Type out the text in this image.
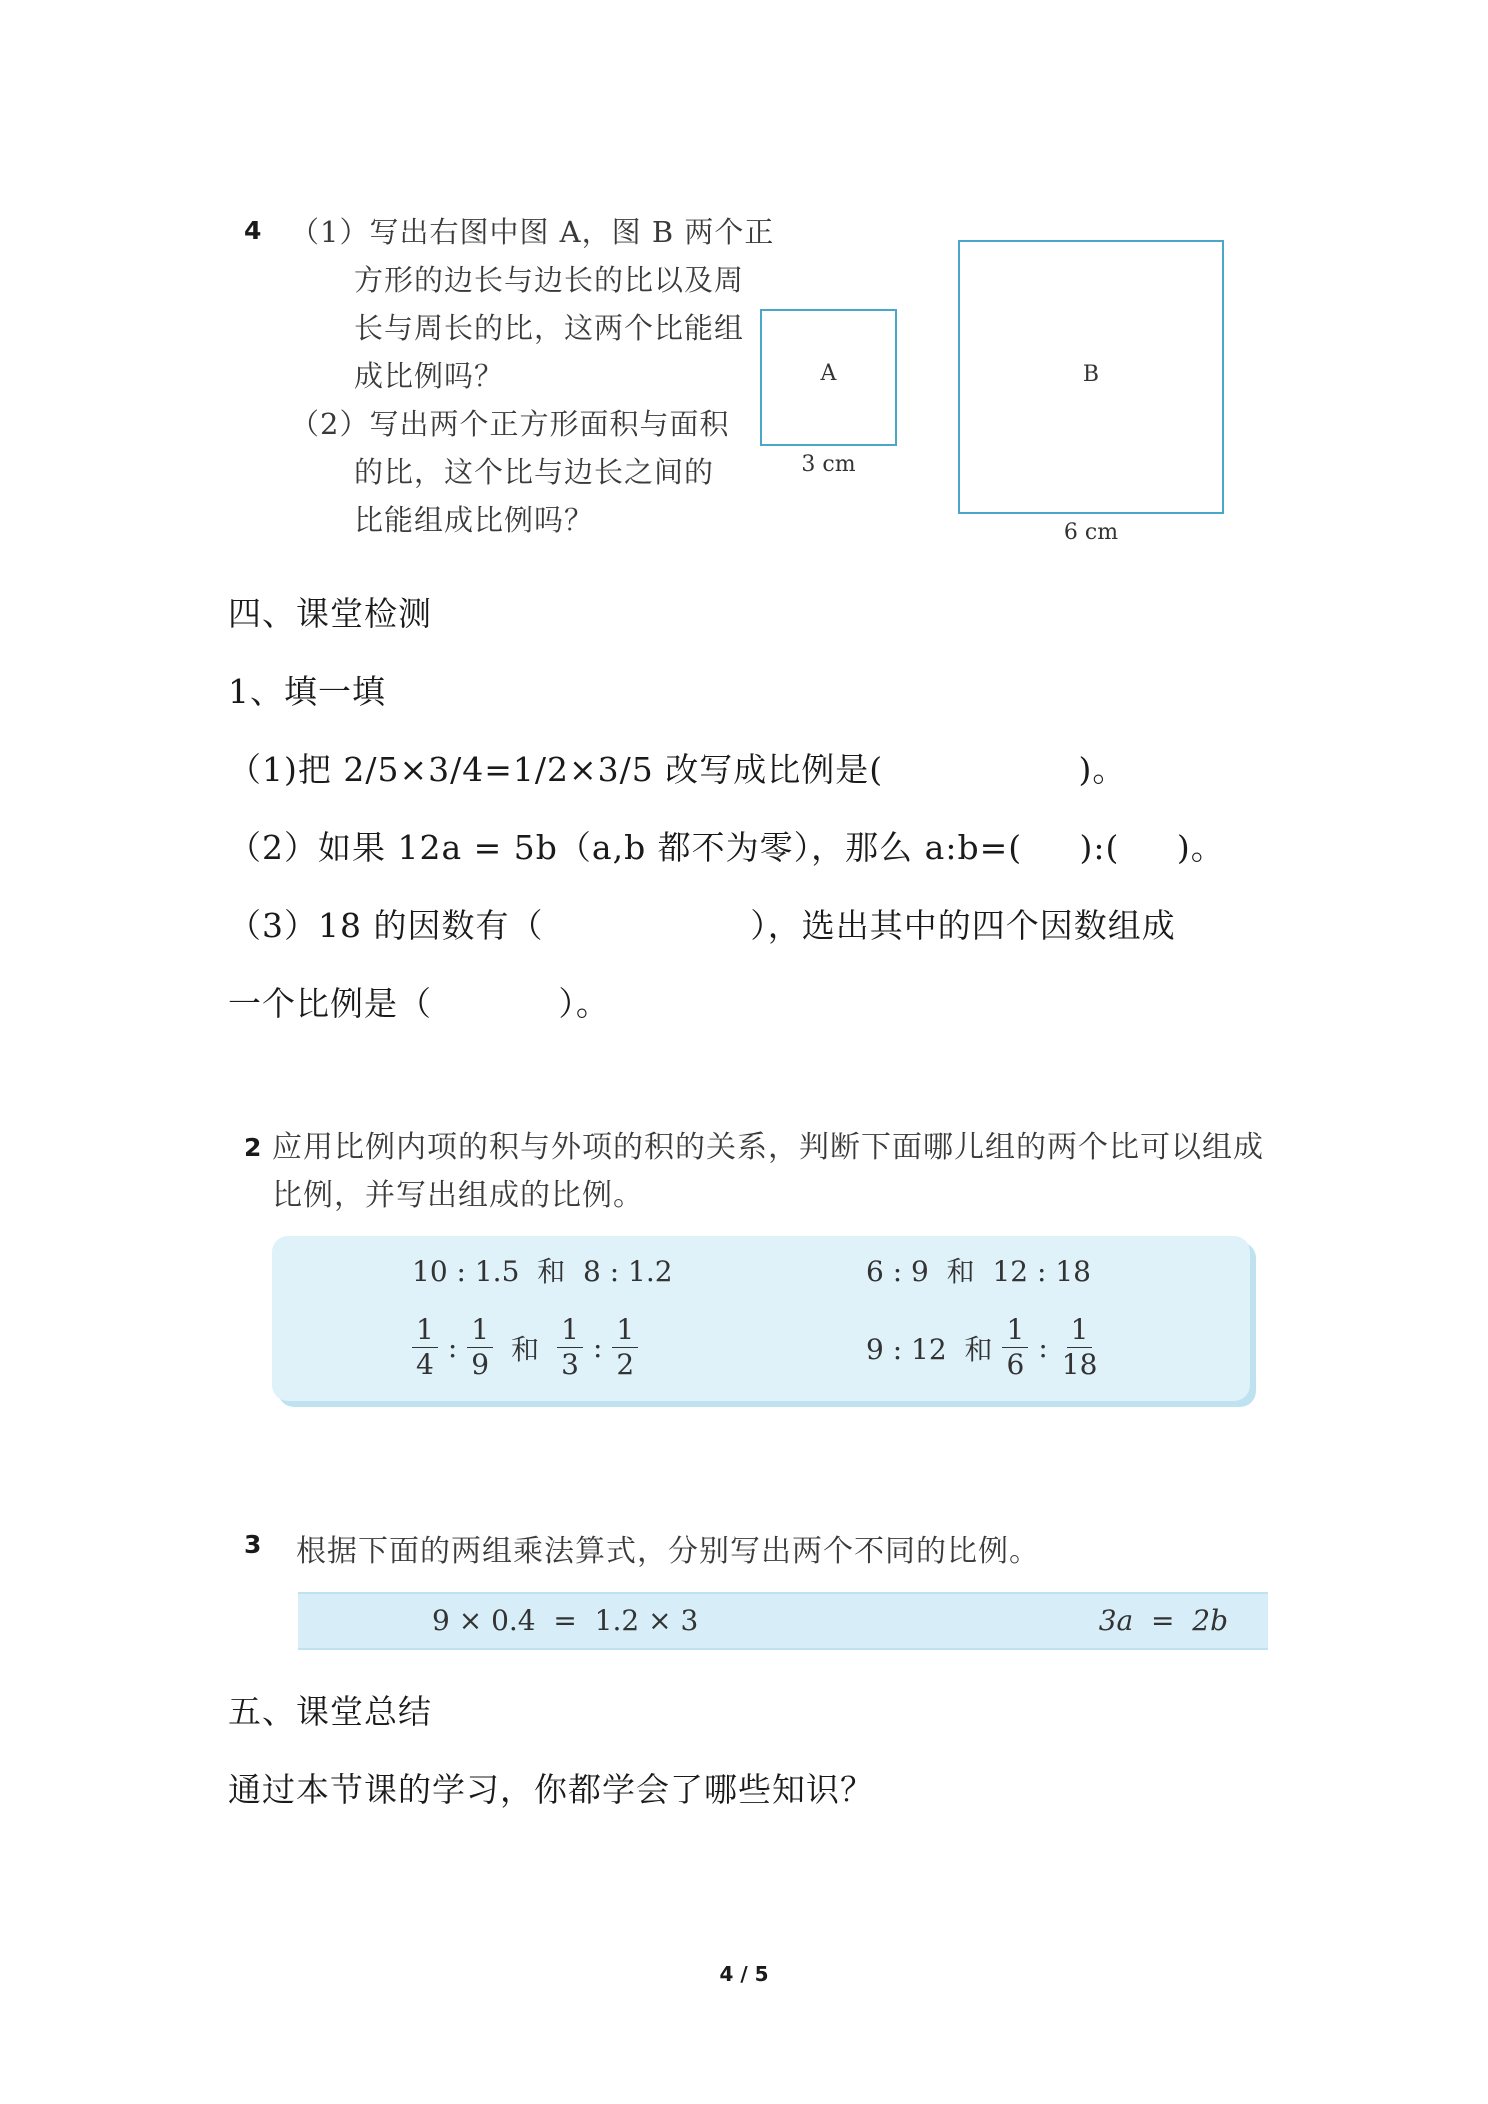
4 （1）写出右图中图 A，图 B 两个正
方形的边长与边长的比以及周
长与周长的比，这两个比能组
成比例吗？
（2）写出两个正方形面积与面积
的比，这个比与边长之间的
比能组成比例吗？
A
3 cm
B
6 cm
四、课堂检测
1、填一填
（1)把 2/5×3/4=1/2×3/5 改写成比例是(                 )。
（2）如果 12a = 5b（a,b 都不为零），那么 a:b=(     ):(     )。
（3）18 的因数有（                  ），选出其中的四个因数组成
一个比例是（           ）。
2 应用比例内项的积与外项的积的关系，判断下面哪儿组的两个比可以组成
比例，并写出组成的比例。
10 : 1.5  和  8 : 1.2	6 : 9  和  12 : 18
$\frac{1}{4}$ : $\frac{1}{9}$ 和 $\frac{1}{3}$ : $\frac{1}{2}$	9 : 12  和 $\frac{1}{6}$ : $\frac{1}{18}$
3 根据下面的两组乘法算式，分别写出两个不同的比例。
9 × 0.4  =  1.2 × 3	3a  =  2b
五、课堂总结
通过本节课的学习，你都学会了哪些知识？
4 / 5
